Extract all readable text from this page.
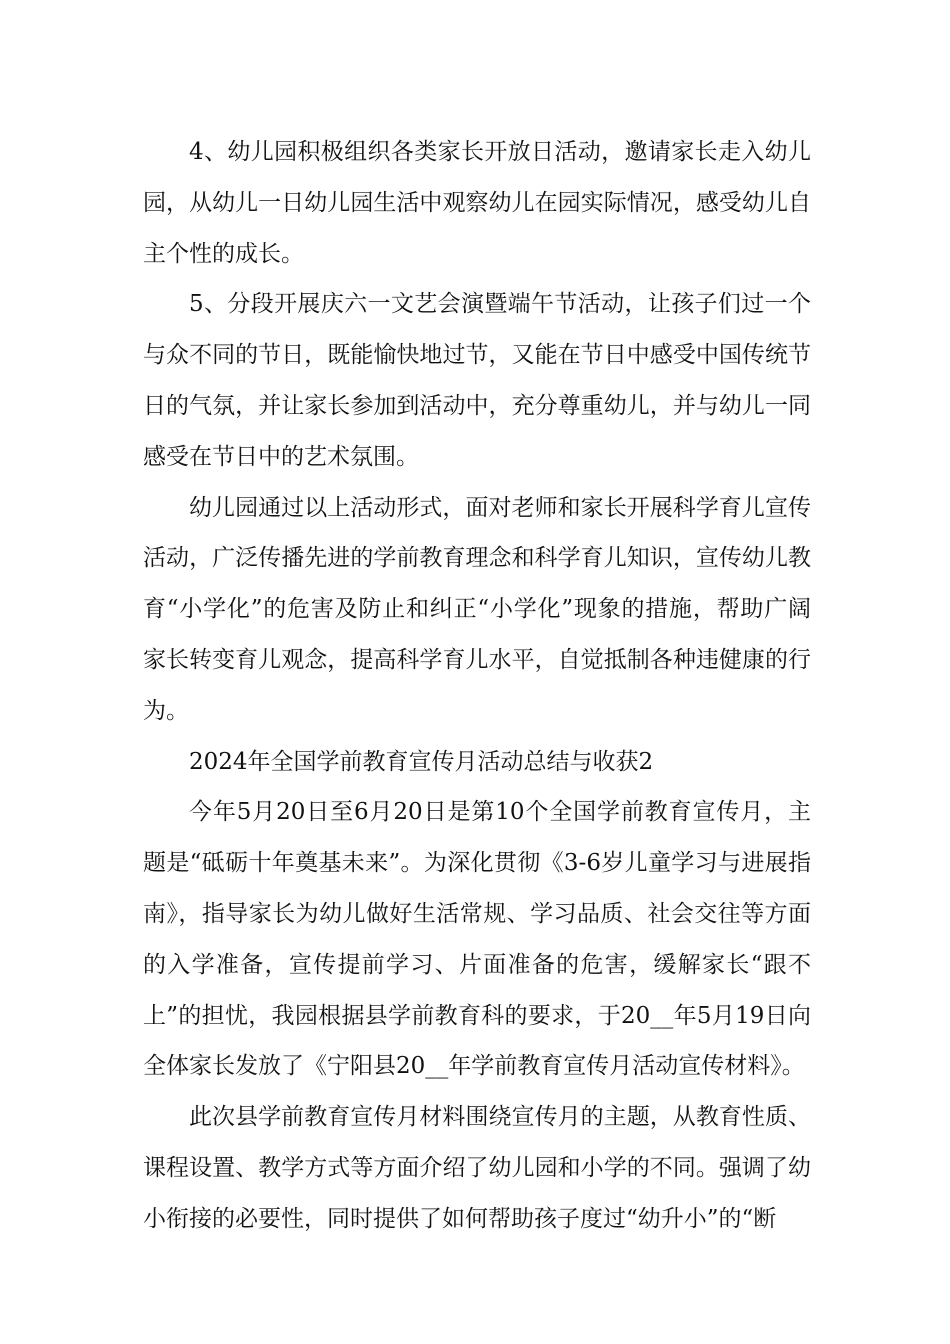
4、幼儿园积极组织各类家长开放日活动，邀请家长走入幼儿园，从幼儿一日幼儿园生活中观察幼儿在园实际情况，感受幼儿自主个性的成长。

5、分段开展庆六一文艺会演暨端午节活动，让孩子们过一个与众不同的节日，既能愉快地过节，又能在节日中感受中国传统节日的气氛，并让家长参加到活动中，充分尊重幼儿，并与幼儿一同感受在节日中的艺术氛围。

幼儿园通过以上活动形式，面对老师和家长开展科学育儿宣传活动，广泛传播先进的学前教育理念和科学育儿知识，宣传幼儿教育“小学化”的危害及防止和纠正“小学化”现象的措施，帮助广阔家长转变育儿观念，提高科学育儿水平，自觉抵制各种违健康的行为。

2024年全国学前教育宣传月活动总结与收获2

今年5月20日至6月20日是第10个全国学前教育宣传月，主题是“砥砺十年奠基未来”。为深化贯彻《3-6岁儿童学习与进展指南》，指导家长为幼儿做好生活常规、学习品质、社会交往等方面的入学准备，宣传提前学习、片面准备的危害，缓解家长“跟不上”的担忧，我园根据县学前教育科的要求，于20__年5月19日向全体家长发放了《宁阳县20__年学前教育宣传月活动宣传材料》。

此次县学前教育宣传月材料围绕宣传月的主题，从教育性质、课程设置、教学方式等方面介绍了幼儿园和小学的不同。强调了幼小衔接的必要性，同时提供了如何帮助孩子度过“幼升小”的“断
